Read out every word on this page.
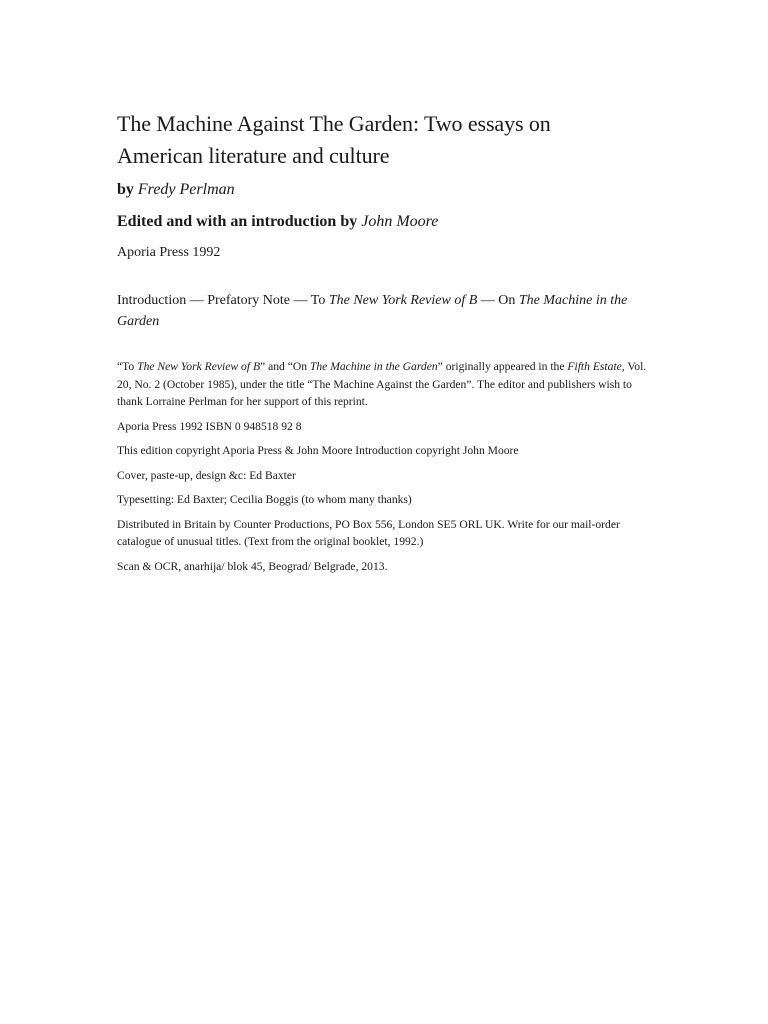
The Machine Against The Garden: Two essays on
American literature and culture
by Fredy Perlman
Edited and with an introduction by John Moore
Aporia Press 1992
Introduction — Prefatory Note — To The New York Review of B — On The Machine in the Garden

“To The New York Review of B” and “On The Machine in the Garden” originally appeared in the Fifth Estate, Vol. 20, No. 2 (October 1985), under the title “The Machine Against the Garden”. The editor and publishers wish to thank Lorraine Perlman for her support of this reprint.

Aporia Press 1992 ISBN 0 948518 92 8

This edition copyright Aporia Press & John Moore Introduction copyright John Moore

Cover, paste-up, design &c: Ed Baxter

Typesetting: Ed Baxter; Cecilia Boggis (to whom many thanks)

Distributed in Britain by Counter Productions, PO Box 556, London SE5 ORL UK. Write for our mail-order catalogue of unusual titles. (Text from the original booklet, 1992.)

Scan & OCR, anarhija/ blok 45, Beograd/ Belgrade, 2013.
